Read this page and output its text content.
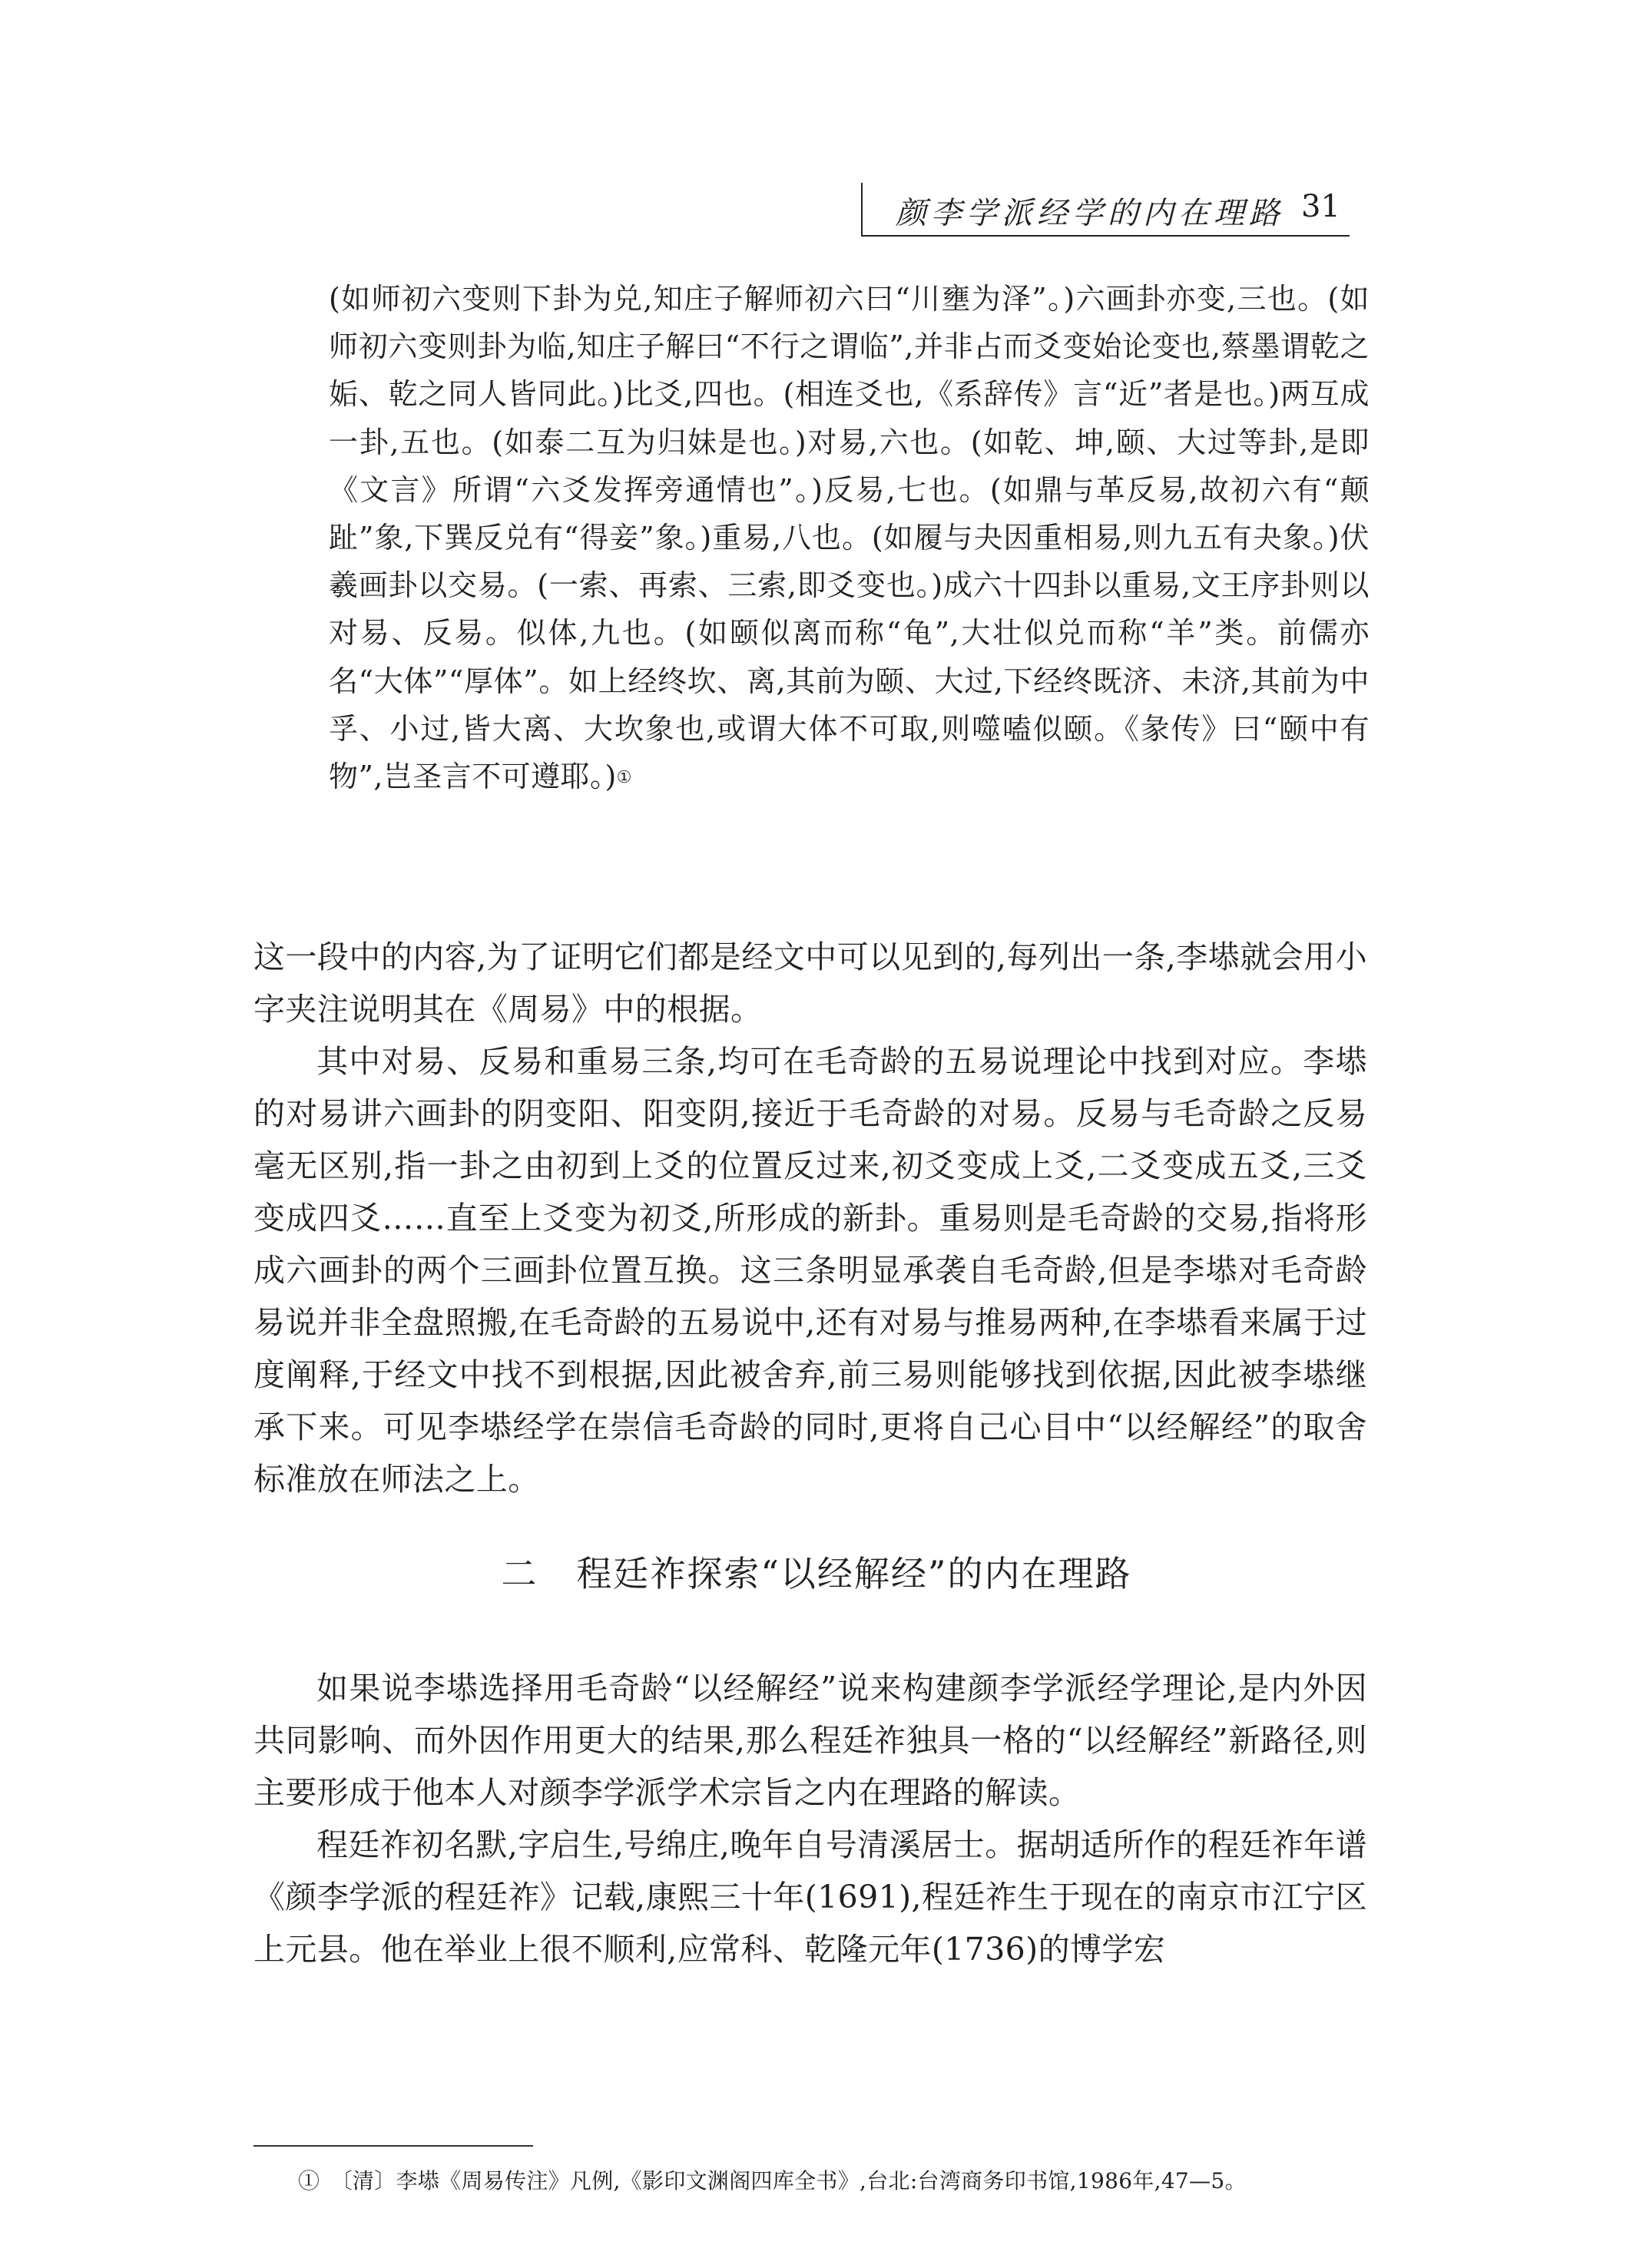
颜李学派经学的内在理路 31
(如师初六变则下卦为兑,知庄子解师初六曰“川壅为泽”。)六画卦亦变,三也。(如师初六变则卦为临,知庄子解曰“不行之谓临”,并非占而爻变始论变也,蔡墨谓乾之姤、乾之同人皆同此。)比爻,四也。(相连爻也,《系辞传》言“近”者是也。)两互成一卦,五也。(如泰二互为归妹是也。)对易,六也。(如乾、坤,颐、大过等卦,是即《文言》所谓“六爻发挥旁通情也”。)反易,七也。(如鼎与革反易,故初六有“颠趾”象,下巽反兑有“得妾”象。)重易,八也。(如履与夬因重相易,则九五有夬象。)伏羲画卦以交易。(一索、再索、三索,即爻变也。)成六十四卦以重易,文王序卦则以对易、反易。似体,九也。(如颐似离而称“龟”,大壮似兑而称“羊”类。前儒亦名“大体”“厚体”。如上经终坎、离,其前为颐、大过,下经终既济、未济,其前为中孚、小过,皆大离、大坎象也,或谓大体不可取,则噬嗑似颐。《彖传》曰“颐中有物”,岂圣言不可遵耶。)①

这一段中的内容,为了证明它们都是经文中可以见到的,每列出一条,李塨就会用小字夹注说明其在《周易》中的根据。

其中对易、反易和重易三条,均可在毛奇龄的五易说理论中找到对应。李塨的对易讲六画卦的阴变阳、阳变阴,接近于毛奇龄的对易。反易与毛奇龄之反易毫无区别,指一卦之由初到上爻的位置反过来,初爻变成上爻,二爻变成五爻,三爻变成四爻……直至上爻变为初爻,所形成的新卦。重易则是毛奇龄的交易,指将形成六画卦的两个三画卦位置互换。这三条明显承袭自毛奇龄,但是李塨对毛奇龄易说并非全盘照搬,在毛奇龄的五易说中,还有对易与推易两种,在李塨看来属于过度阐释,于经文中找不到根据,因此被舍弃,前三易则能够找到依据,因此被李塨继承下来。可见李塨经学在崇信毛奇龄的同时,更将自己心目中“以经解经”的取舍标准放在师法之上。

二 程廷祚探索“以经解经”的内在理路

如果说李塨选择用毛奇龄“以经解经”说来构建颜李学派经学理论,是内外因共同影响、而外因作用更大的结果,那么程廷祚独具一格的“以经解经”新路径,则主要形成于他本人对颜李学派学术宗旨之内在理路的解读。

程廷祚初名默,字启生,号绵庄,晚年自号清溪居士。据胡适所作的程廷祚年谱《颜李学派的程廷祚》记载,康熙三十年(1691),程廷祚生于现在的南京市江宁区上元县。他在举业上很不顺利,应常科、乾隆元年(1736)的博学宏

①　 〔清〕李塨《周易传注》凡例,《影印文渊阁四库全书》,台北:台湾商务印书馆,1986年,47—5。
